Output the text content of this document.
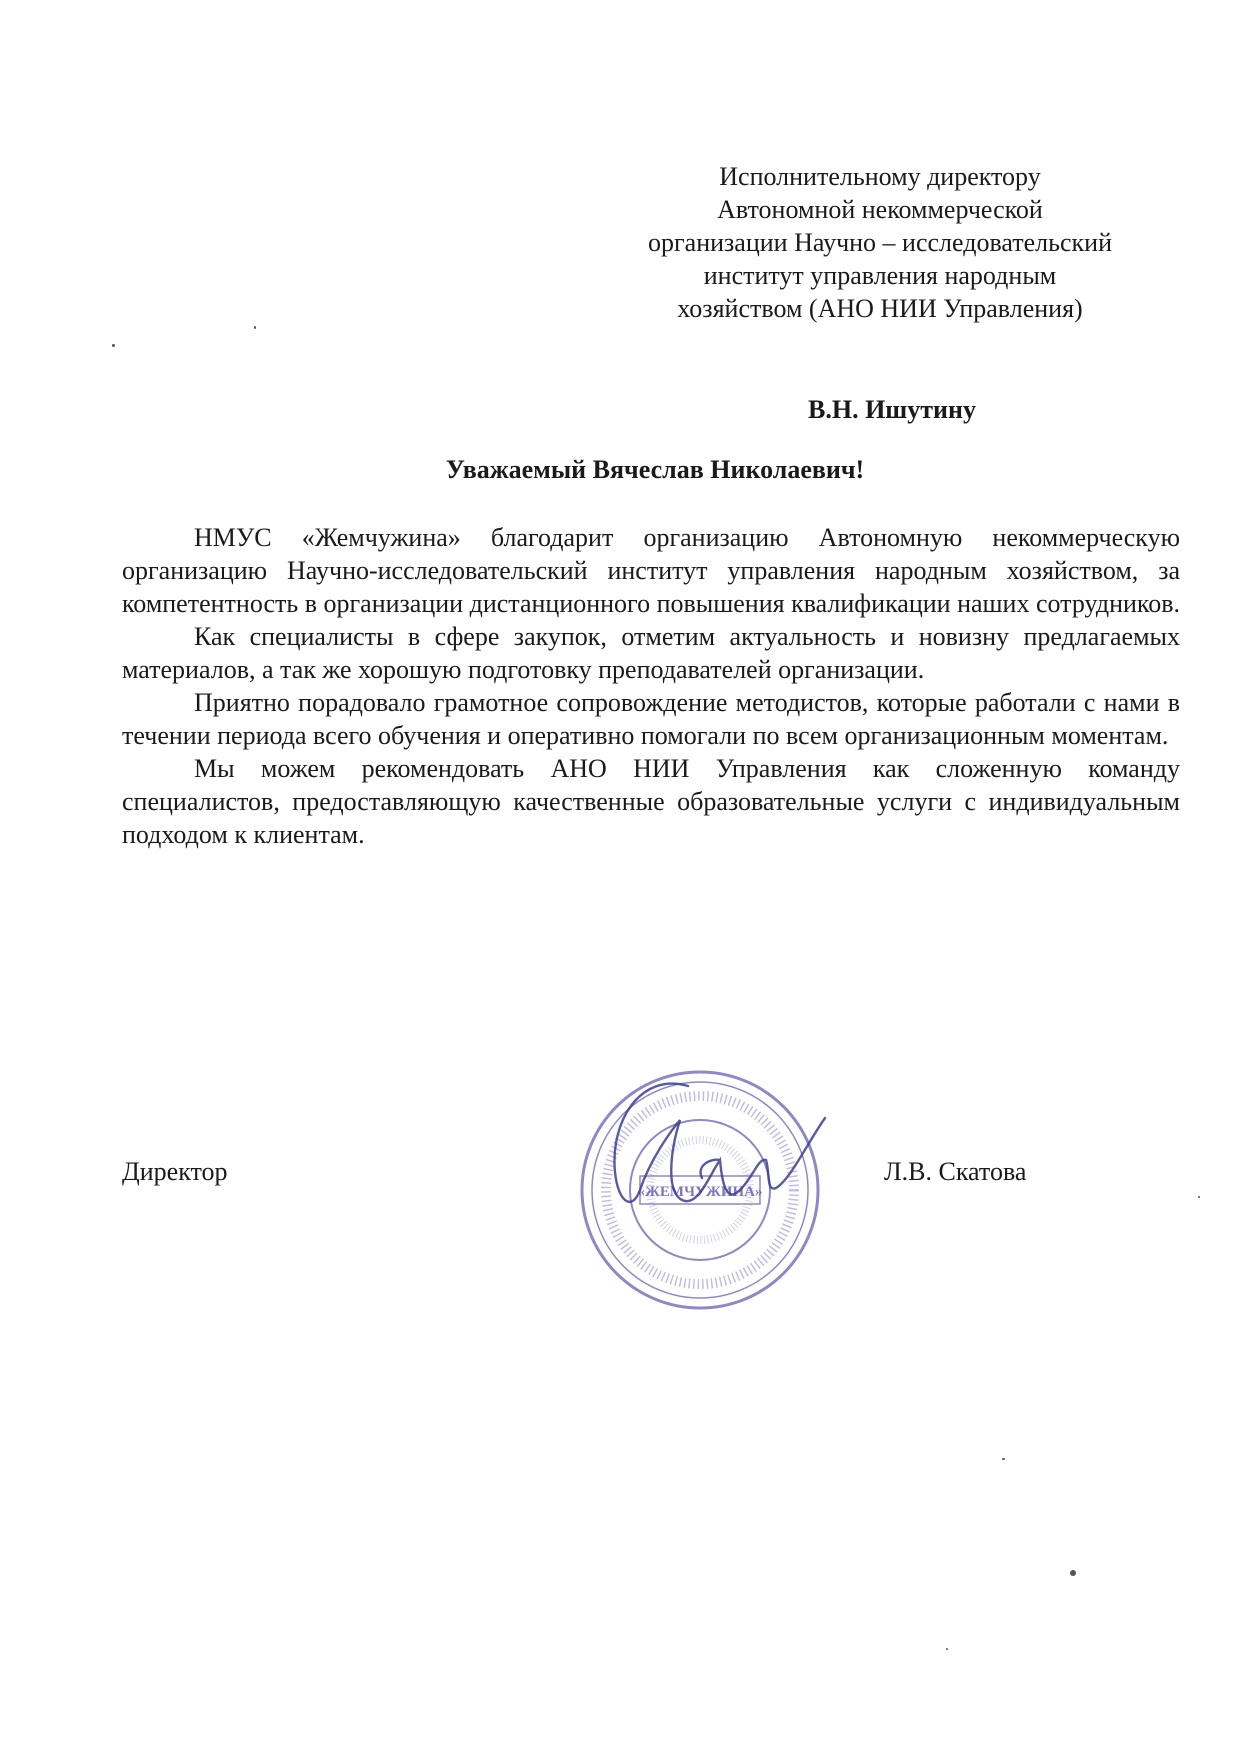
Исполнительному директору
Автономной некоммерческой
организации Научно – исследовательский
институт управления народным
хозяйством (АНО НИИ Управления)
В.Н. Ишутину
Уважаемый Вячеслав Николаевич!

НМУС «Жемчужина» благодарит организацию Автономную некоммерческую организацию Научно-исследовательский институт управления народным хозяйством, за компетентность в организации дистанционного повышения квалификации наших сотрудников.

Как специалисты в сфере закупок, отметим актуальность и новизну предлагаемых материалов, а так же хорошую подготовку преподавателей организации.

Приятно порадовало грамотное сопровождение методистов, которые работали с нами в течении периода всего обучения и оперативно помогали по всем организационным моментам.

Мы можем рекомендовать АНО НИИ Управления как сложенную команду специалистов, предоставляющую качественные образовательные услуги с индивидуальным подходом к клиентам.

Директор
«ЖЕМЧУЖИНА»
Л.В. Скатова
